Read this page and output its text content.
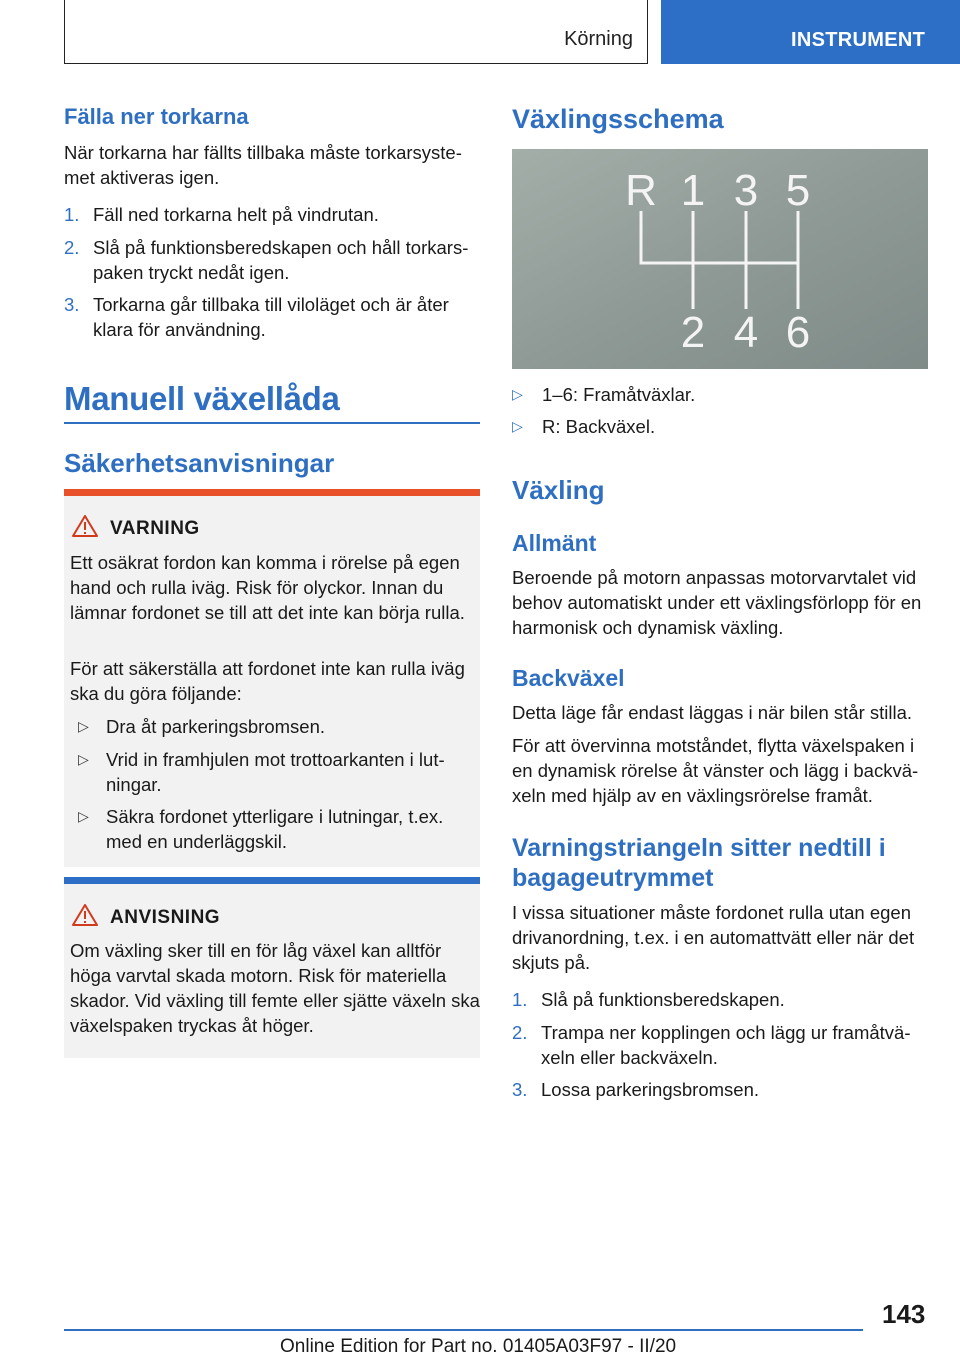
Körning	INSTRUMENT
Fälla ner torkarna

När torkarna har fällts tillbaka måste torkarsyste-met aktiveras igen.

1. Fäll ned torkarna helt på vindrutan.
2. Slå på funktionsberedskapen och håll torkars-paken tryckt nedåt igen.
3. Torkarna går tillbaka till viloläget och är åter klara för användning.
Manuell växellåda
Säkerhetsanvisningar
VARNING
Ett osäkrat fordon kan komma i rörelse på egen hand och rulla iväg. Risk för olyckor. Innan du lämnar fordonet se till att det inte kan börja rulla.
För att säkerställa att fordonet inte kan rulla iväg ska du göra följande:
▷ Dra åt parkeringsbromsen.
▷ Vrid in framhjulen mot trottoarkanten i lut-ningar.
▷ Säkra fordonet ytterligare i lutningar, t.ex. med en underläggskil.
ANVISNING
Om växling sker till en för låg växel kan alltför höga varvtal skada motorn. Risk för materiella skador. Vid växling till femte eller sjätte växeln ska växelspaken tryckas åt höger.
Växlingsschema
R 1 3 5
2 4 6
▷ 1–6: Framåtväxlar.
▷ R: Backväxel.
Växling
Allmänt

Beroende på motorn anpassas motorvarvtalet vid behov automatiskt under ett växlingsförlopp för en harmonisk och dynamisk växling.

Backväxel

Detta läge får endast läggas i när bilen står stilla.

För att övervinna motståndet, flytta växelspaken i en dynamisk rörelse åt vänster och lägg i backvä-xeln med hjälp av en växlingsrörelse framåt.

Varningstriangeln sitter nedtill i bagageutrymmet

I vissa situationer måste fordonet rulla utan egen drivanordning, t.ex. i en automattvätt eller när det skjuts på.

1. Slå på funktionsberedskapen.
2. Trampa ner kopplingen och lägg ur framåtvä-xeln eller backväxeln.
3. Lossa parkeringsbromsen.
143
Online Edition for Part no. 01405A03F97 - II/20
